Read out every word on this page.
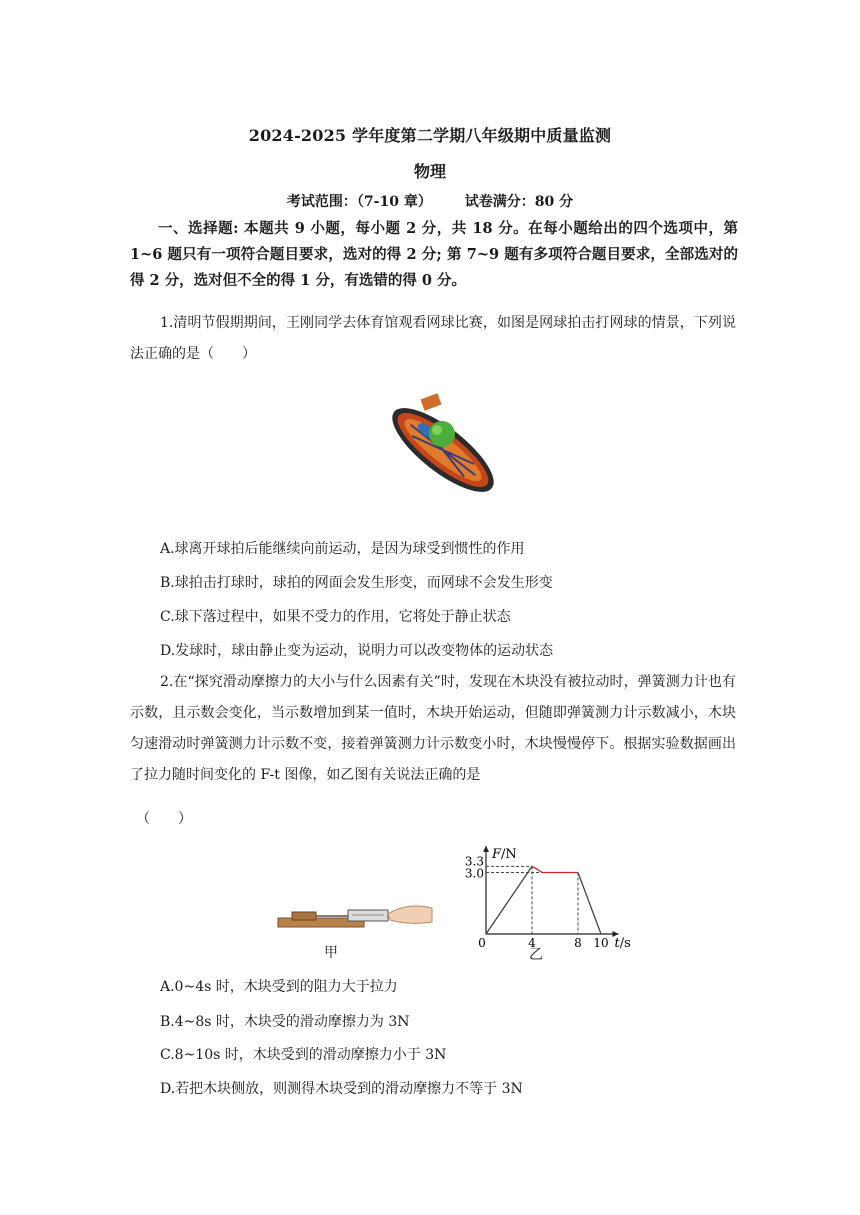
2024-2025 学年度第二学期八年级期中质量监测
物理
考试范围：（7-10 章） 试卷满分：80 分
一、选择题: 本题共 9 小题，每小题 2 分，共 18 分。在每小题给出的四个选项中，第 1~6 题只有一项符合题目要求，选对的得 2 分; 第 7~9 题有多项符合题目要求，全部选对的得 2 分，选对但不全的得 1 分，有选错的得 0 分。
1.清明节假期期间，王刚同学去体育馆观看网球比赛，如图是网球拍击打网球的情景，下列说法正确的是（　　）
A.球离开球拍后能继续向前运动，是因为球受到惯性的作用
B.球拍击打球时，球拍的网面会发生形变，而网球不会发生形变
C.球下落过程中，如果不受力的作用，它将处于静止状态
D.发球时，球由静止变为运动，说明力可以改变物体的运动状态
2.在“探究滑动摩擦力的大小与什么因素有关”时，发现在木块没有被拉动时，弹簧测力计也有示数，且示数会变化，当示数增加到某一值时，木块开始运动，但随即弹簧测力计示数减小，木块匀速滑动时弹簧测力计示数不变，接着弹簧测力计示数变小时，木块慢慢停下。根据实验数据画出了拉力随时间变化的 F-t 图像，如乙图有关说法正确的是
（　　）
甲
0	4	8 10
3.3
3.0
F/N
t/s
乙
A.0~4s 时，木块受到的阻力大于拉力
B.4~8s 时，木块受的滑动摩擦力为 3N
C.8~10s 时，木块受到的滑动摩擦力小于 3N
D.若把木块侧放，则测得木块受到的滑动摩擦力不等于 3N
